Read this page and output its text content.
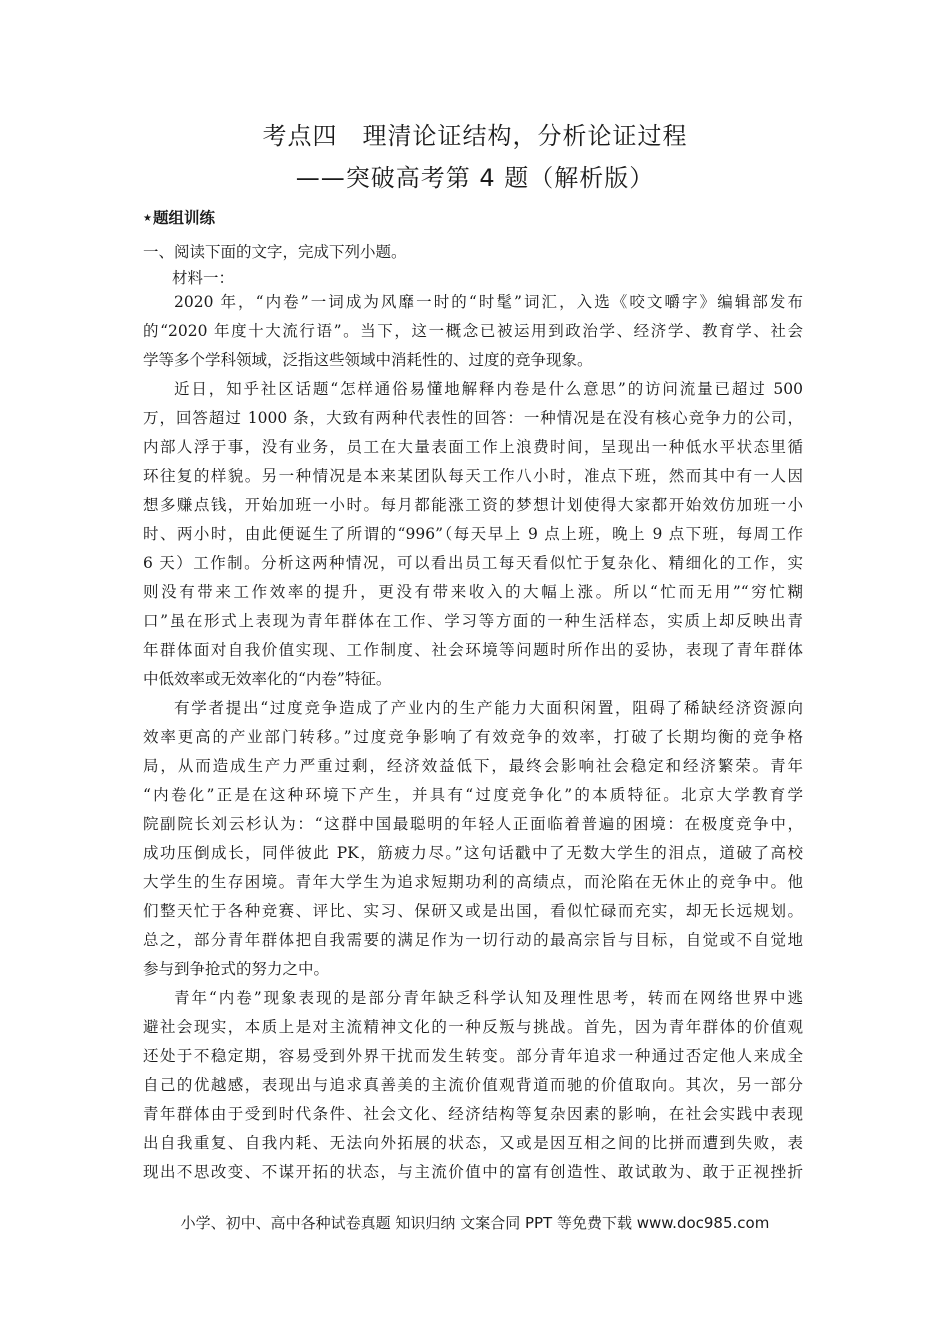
考点四　理清论证结构，分析论证过程
——突破高考第 4 题（解析版）
★题组训练
一、阅读下面的文字，完成下列小题。
材料一：
2020 年，“内卷”一词成为风靡一时的“时髦”词汇，入选《咬文嚼字》编辑部发布
的“2020 年度十大流行语”。当下，这一概念已被运用到政治学、经济学、教育学、社会
学等多个学科领域，泛指这些领域中消耗性的、过度的竞争现象。
近日，知乎社区话题“怎样通俗易懂地解释内卷是什么意思”的访问流量已超过 500
万，回答超过 1000 条，大致有两种代表性的回答：一种情况是在没有核心竞争力的公司，
内部人浮于事，没有业务，员工在大量表面工作上浪费时间，呈现出一种低水平状态里循
环往复的样貌。另一种情况是本来某团队每天工作八小时，准点下班，然而其中有一人因
想多赚点钱，开始加班一小时。每月都能涨工资的梦想计划使得大家都开始效仿加班一小
时、两小时，由此便诞生了所谓的“996”（每天早上 9 点上班，晚上 9 点下班，每周工作
6 天）工作制。分析这两种情况，可以看出员工每天看似忙于复杂化、精细化的工作，实
则没有带来工作效率的提升，更没有带来收入的大幅上涨。所以“忙而无用”“穷忙糊
口”虽在形式上表现为青年群体在工作、学习等方面的一种生活样态，实质上却反映出青
年群体面对自我价值实现、工作制度、社会环境等问题时所作出的妥协，表现了青年群体
中低效率或无效率化的“内卷”特征。
有学者提出“过度竞争造成了产业内的生产能力大面积闲置，阻碍了稀缺经济资源向
效率更高的产业部门转移。”过度竞争影响了有效竞争的效率，打破了长期均衡的竞争格
局，从而造成生产力严重过剩，经济效益低下，最终会影响社会稳定和经济繁荣。青年
“内卷化”正是在这种环境下产生，并具有“过度竞争化”的本质特征。北京大学教育学
院副院长刘云杉认为：“这群中国最聪明的年轻人正面临着普遍的困境：在极度竞争中，
成功压倒成长，同伴彼此 PK，筋疲力尽。”这句话戳中了无数大学生的泪点，道破了高校
大学生的生存困境。青年大学生为追求短期功利的高绩点，而沦陷在无休止的竞争中。他
们整天忙于各种竞赛、评比、实习、保研又或是出国，看似忙碌而充实，却无长远规划。
总之，部分青年群体把自我需要的满足作为一切行动的最高宗旨与目标，自觉或不自觉地
参与到争抢式的努力之中。
青年“内卷”现象表现的是部分青年缺乏科学认知及理性思考，转而在网络世界中逃
避社会现实，本质上是对主流精神文化的一种反叛与挑战。首先，因为青年群体的价值观
还处于不稳定期，容易受到外界干扰而发生转变。部分青年追求一种通过否定他人来成全
自己的优越感，表现出与追求真善美的主流价值观背道而驰的价值取向。其次，另一部分
青年群体由于受到时代条件、社会文化、经济结构等复杂因素的影响，在社会实践中表现
出自我重复、自我内耗、无法向外拓展的状态，又或是因互相之间的比拼而遭到失败，表
现出不思改变、不谋开拓的状态，与主流价值中的富有创造性、敢试敢为、敢于正视挫折
小学、初中、高中各种试卷真题 知识归纳 文案合同 PPT 等免费下载 www.doc985.com
